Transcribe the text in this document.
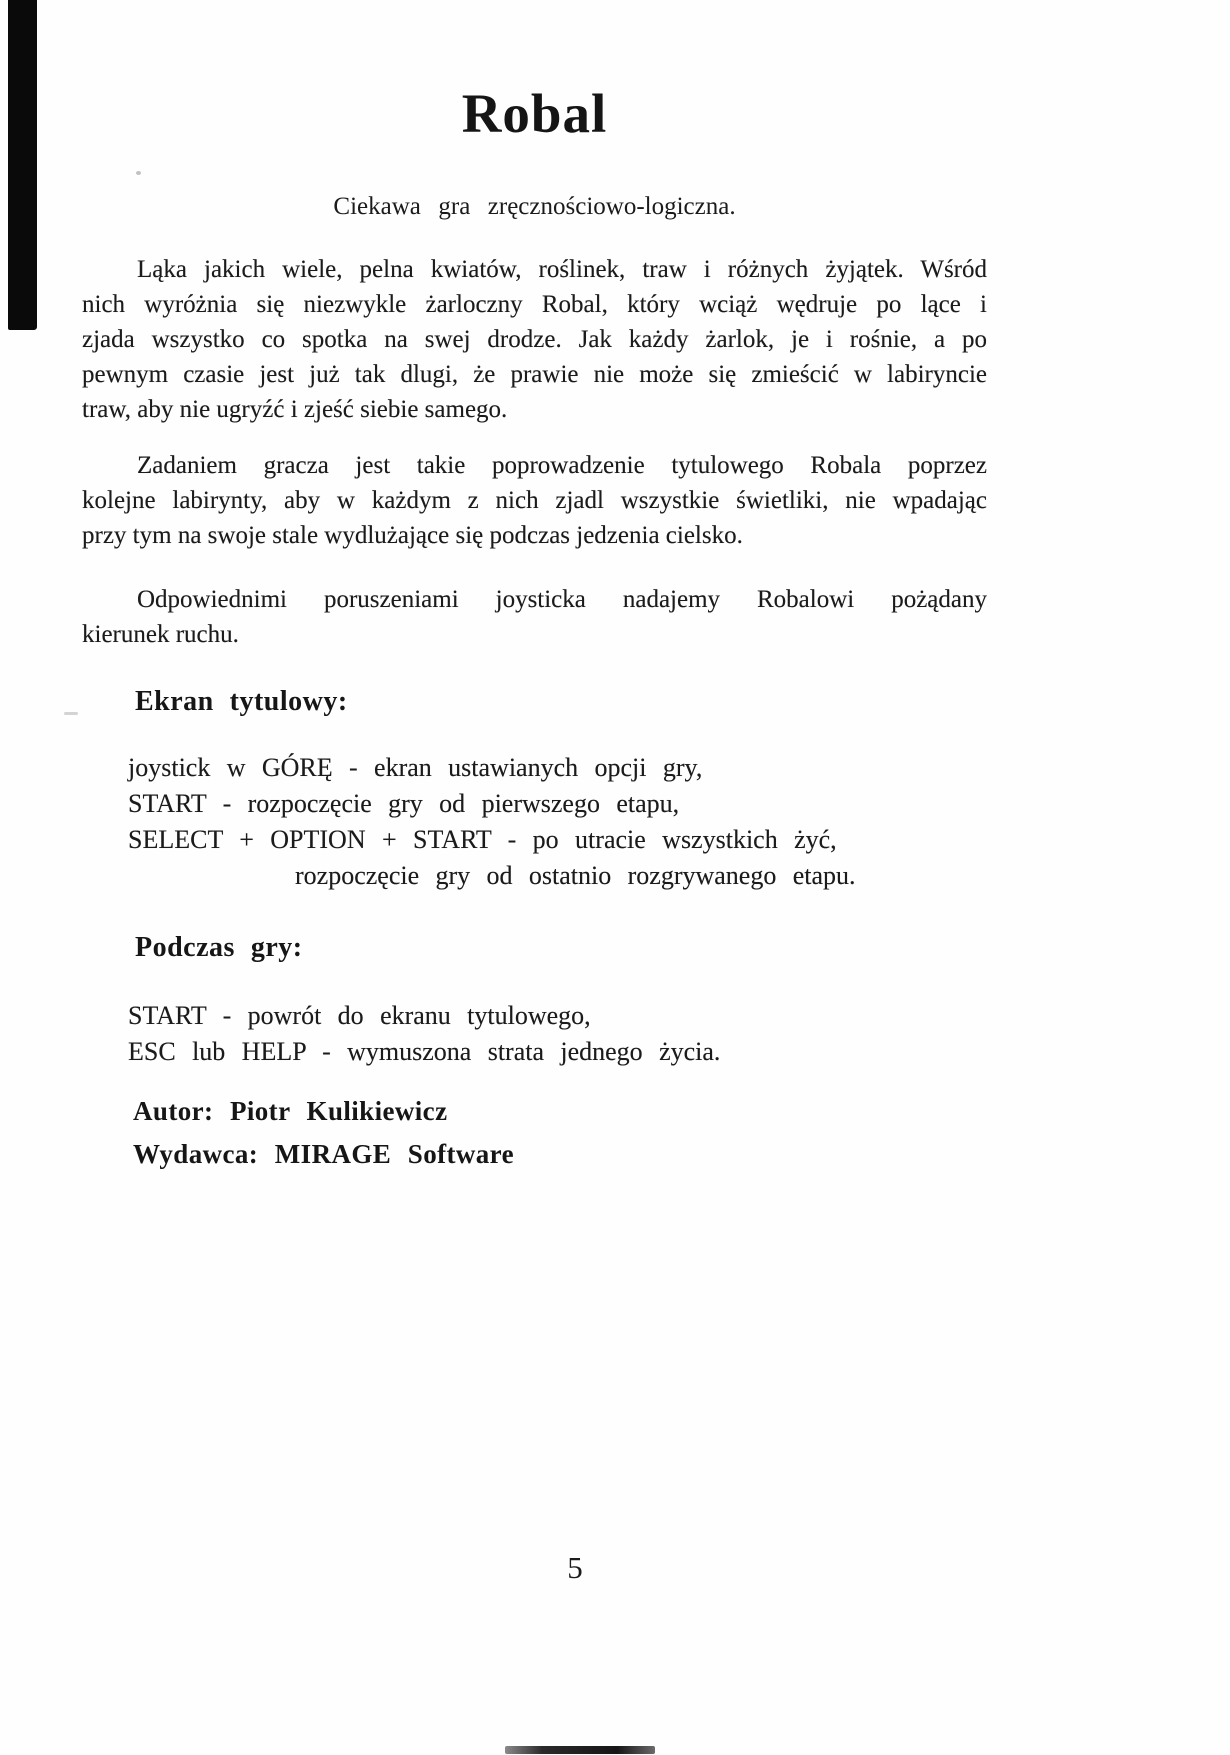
Robal
Ciekawa gra zręcznościowo-logiczna.
Ląka jakich wiele, pelna kwiatów, roślinek, traw i różnych żyjątek. Wśród
nich wyróżnia się niezwykle żarloczny Robal, który wciąż wędruje po lące i
zjada wszystko co spotka na swej drodze. Jak każdy żarlok, je i rośnie, a po
pewnym czasie jest już tak dlugi, że prawie nie może się zmieścić w labiryncie
traw, aby nie ugryźć i zjeść siebie samego.
Zadaniem gracza jest takie poprowadzenie tytulowego Robala poprzez
kolejne labirynty, aby w każdym z nich zjadl wszystkie świetliki, nie wpadając
przy tym na swoje stale wydlużające się podczas jedzenia cielsko.
Odpowiednimi poruszeniami joysticka nadajemy Robalowi pożądany
kierunek ruchu.
Ekran tytulowy:
joystick w GÓRĘ - ekran ustawianych opcji gry,
START - rozpoczęcie gry od pierwszego etapu,
SELECT + OPTION + START - po utracie wszystkich żyć,
rozpoczęcie gry od ostatnio rozgrywanego etapu.
Podczas gry:
START - powrót do ekranu tytulowego,
ESC lub HELP - wymuszona strata jednego życia.
Autor: Piotr Kulikiewicz
Wydawca: MIRAGE Software
5
